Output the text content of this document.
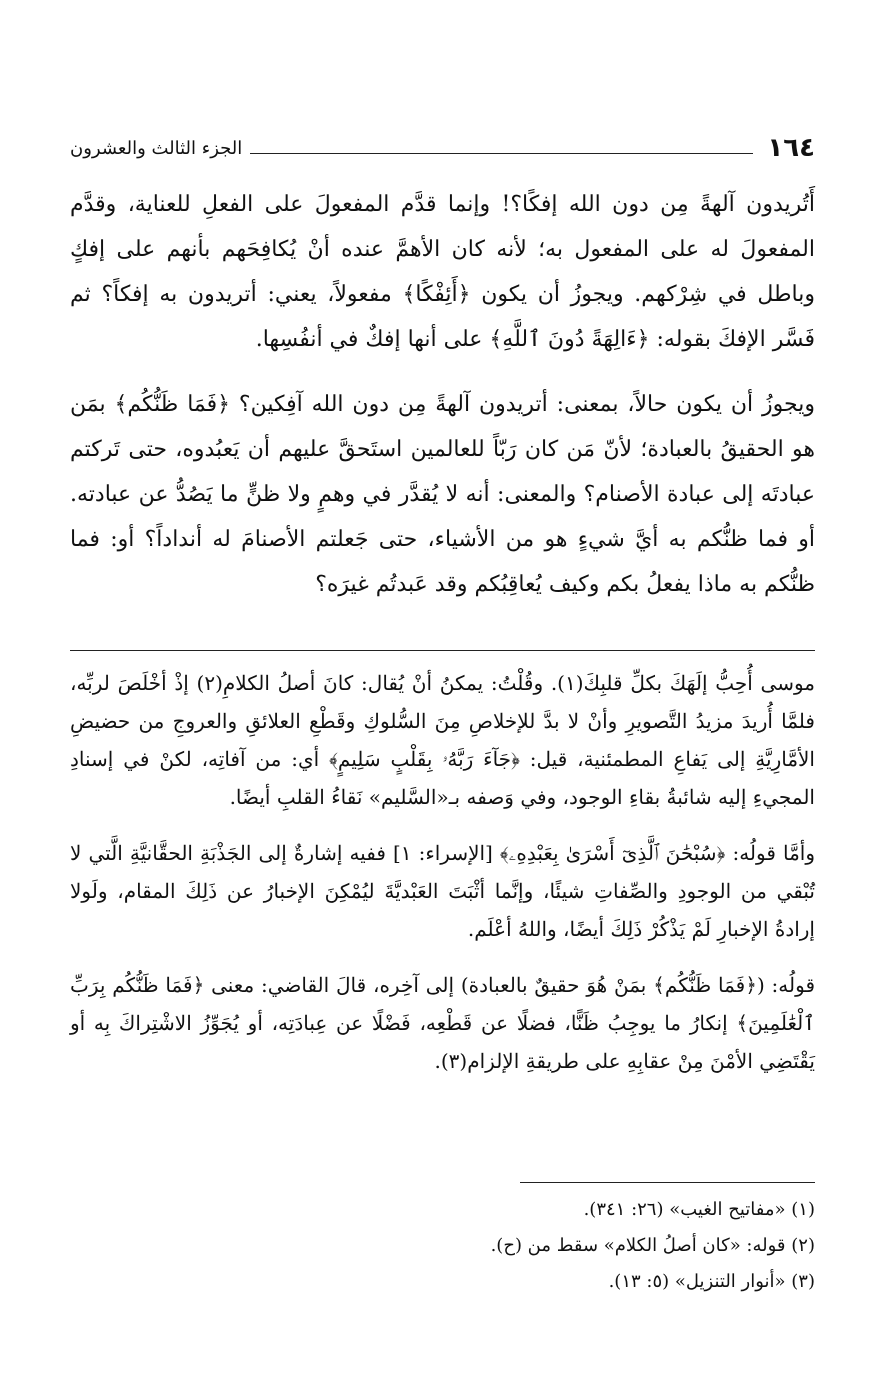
١٦٤
الجزء الثالث والعشرون

أَتُريدون آلهةً مِن دون الله إفكًا؟! وإنما قدَّم المفعولَ على الفعلِ للعناية، وقدَّم المفعولَ له على المفعول به؛ لأنه كان الأهمَّ عنده أنْ يُكافِحَهم بأنهم على إفكٍ وباطل في شِرْكهم. ويجوزُ أن يكون ﴿أَئِفْكًا﴾ مفعولاً، يعني: أتريدون به إفكاً؟ ثم فَسَّر الإفكَ بقوله: ﴿ءَالِهَةً دُونَ ٱللَّهِ﴾ على أنها إفكٌ في أنفُسِها.

ويجوزُ أن يكون حالاً، بمعنى: أتريدون آلهةً مِن دون الله آفِكين؟ ﴿فَمَا ظَنُّكُم﴾ بمَن هو الحقيقُ بالعبادة؛ لأنّ مَن كان رَبّاً للعالمين استَحقَّ عليهم أن يَعبُدوه، حتى تَركتم عبادتَه إلى عبادة الأصنام؟ والمعنى: أنه لا يُقدَّر في وهمٍ ولا ظنٍّ ما يَصُدُّ عن عبادته. أو فما ظنُّكم به أيَّ شيءٍ هو من الأشياء، حتى جَعلتم الأصنامَ له أنداداً؟ أو: فما ظنُّكم به ماذا يفعلُ بكم وكيف يُعاقِبُكم وقد عَبدتُم غيرَه؟

موسى أُحِبُّ إلَهَكَ بكلِّ قلبِكَ(١). وقُلْتُ: يمكنُ أنْ يُقال: كانَ أصلُ الكلامِ(٢) إذْ أخْلَصَ لربِّه، فلمَّا أُريدَ مزيدُ التَّصويرِ وأنْ لا بدَّ للإخلاصِ مِنَ السُّلوكِ وقَطْعِ العلائقِ والعروجِ من حضيضِ الأمَّارِيَّةِ إلى يَفاعِ المطمئنية، قيل: ﴿جَآءَ رَبَّهُۥ بِقَلْبٍ سَلِيمٍ﴾ أي: من آفاتِه، لكنْ في إسنادِ المجيءِ إليه شائبةُ بقاءِ الوجود، وفي وَصفه بـ«السَّليم» نَقاءُ القلبِ أيضًا.

وأمَّا قولُه: ﴿سُبْحَٰنَ ٱلَّذِىٓ أَسْرَىٰ بِعَبْدِهِۦ﴾ [الإسراء: ١] ففيه إشارةٌ إلى الجَذْبَةِ الحقَّانيَّةِ الَّتي لا تُبْقي من الوجودِ والصِّفاتِ شيئًا، وإنَّما أثْبَتَ العَبْديَّةَ ليُمْكِنَ الإخبارُ عن ذَلِكَ المقام، ولَولا إرادةُ الإخبارِ لَمْ يَذْكُرْ ذَلِكَ أيضًا، واللهُ أعْلَم.

قولُه: (﴿فَمَا ظَنُّكُم﴾ بمَنْ هُوَ حقيقٌ بالعبادة) إلى آخِره، قالَ القاضي: معنى ﴿فَمَا ظَنُّكُم بِرَبِّ ٱلْعَٰلَمِينَ﴾ إنكارُ ما يوجِبُ ظَنًّا، فضلًا عن قَطْعِه، فَضْلًا عن عِبادَتِه، أو يُجَوِّزُ الاشْتِراكَ بِه أو يَقْتَضِي الأمْنَ مِنْ عقابِهِ على طريقةِ الإلزام(٣).

(١) «مفاتيح الغيب» (٢٦: ٣٤١).
(٢) قوله: «كان أصلُ الكلام» سقط من (ح).
(٣) «أنوار التنزيل» (٥: ١٣).
